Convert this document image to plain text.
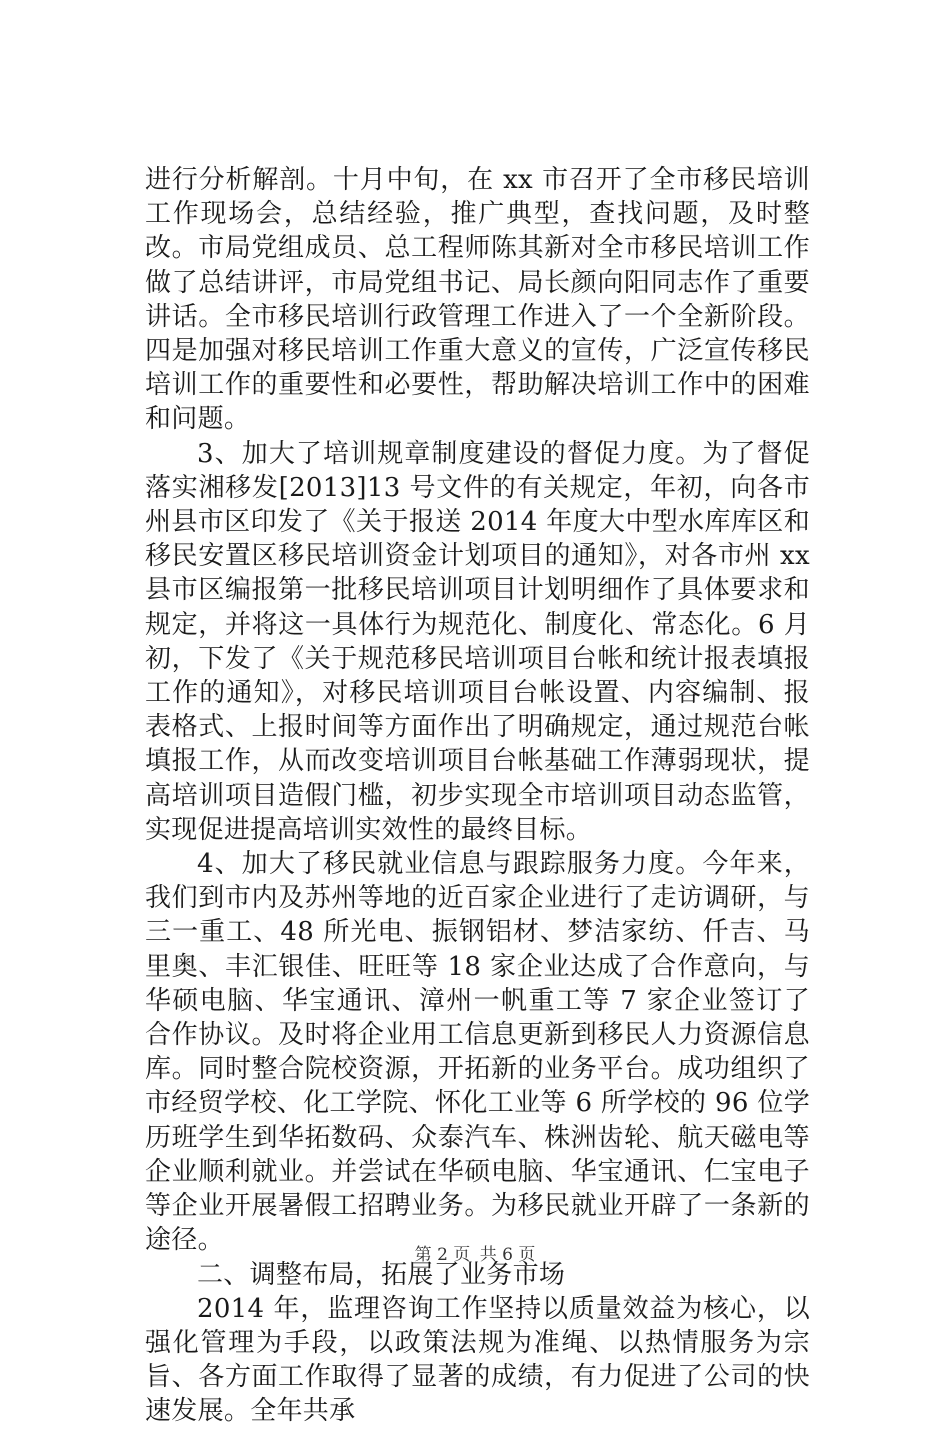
进行分析解剖。十月中旬，在 xx 市召开了全市移民培训工作现场会，总结经验，推广典型，查找问题，及时整改。市局党组成员、总工程师陈其新对全市移民培训工作做了总结讲评，市局党组书记、局长颜向阳同志作了重要讲话。全市移民培训行政管理工作进入了一个全新阶段。四是加强对移民培训工作重大意义的宣传，广泛宣传移民培训工作的重要性和必要性，帮助解决培训工作中的困难和问题。

3、加大了培训规章制度建设的督促力度。为了督促落实湘移发[2013]13 号文件的有关规定，年初，向各市州县市区印发了《关于报送 2014 年度大中型水库库区和移民安置区移民培训资金计划项目的通知》，对各市州 xx 县市区编报第一批移民培训项目计划明细作了具体要求和规定，并将这一具体行为规范化、制度化、常态化。6 月初，下发了《关于规范移民培训项目台帐和统计报表填报工作的通知》，对移民培训项目台帐设置、内容编制、报表格式、上报时间等方面作出了明确规定，通过规范台帐填报工作，从而改变培训项目台帐基础工作薄弱现状，提高培训项目造假门槛，初步实现全市培训项目动态监管，实现促进提高培训实效性的最终目标。

4、加大了移民就业信息与跟踪服务力度。今年来，我们到市内及苏州等地的近百家企业进行了走访调研，与三一重工、48 所光电、振钢铝材、梦洁家纺、仟吉、马里奥、丰汇银佳、旺旺等 18 家企业达成了合作意向，与华硕电脑、华宝通讯、漳州一帆重工等 7 家企业签订了合作协议。及时将企业用工信息更新到移民人力资源信息库。同时整合院校资源，开拓新的业务平台。成功组织了市经贸学校、化工学院、怀化工业等 6 所学校的 96 位学历班学生到华拓数码、众泰汽车、株洲齿轮、航天磁电等企业顺利就业。并尝试在华硕电脑、华宝通讯、仁宝电子等企业开展暑假工招聘业务。为移民就业开辟了一条新的途径。

二、调整布局，拓展了业务市场

2014 年，监理咨询工作坚持以质量效益为核心，以强化管理为手段，以政策法规为准绳、以热情服务为宗旨、各方面工作取得了显著的成绩，有力促进了公司的快速发展。全年共承

第 2 页 共 6 页
